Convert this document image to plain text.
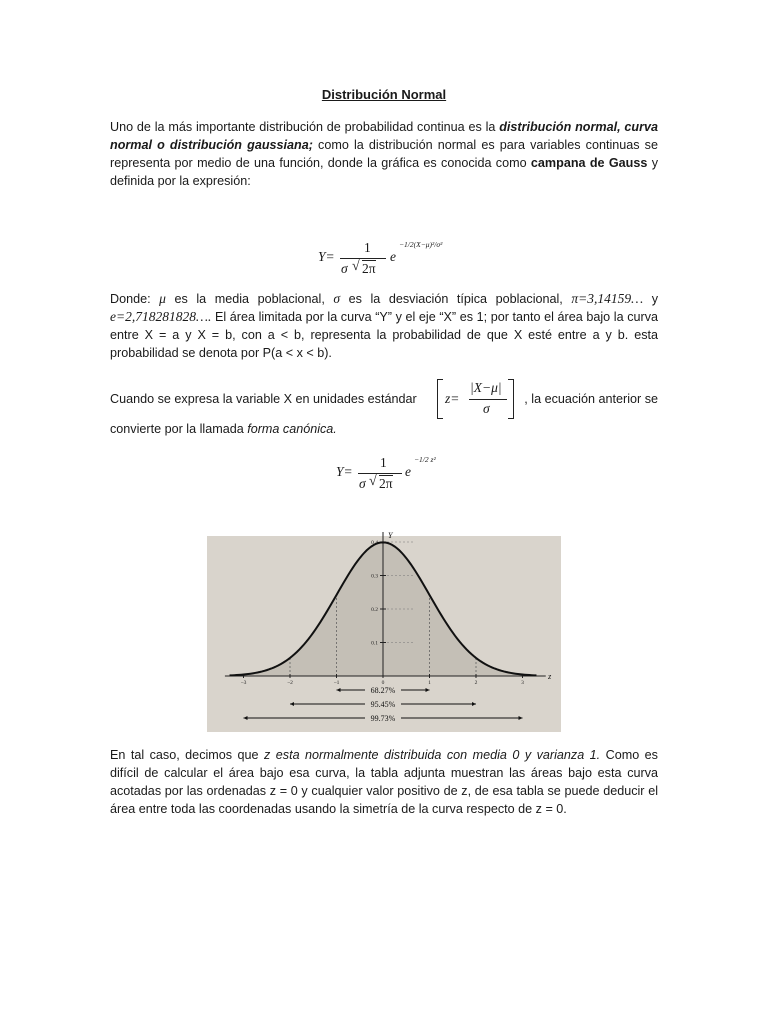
Distribución Normal

Uno de la más importante distribución de probabilidad continua es la distribución normal, curva normal o distribución gaussiana; como la distribución normal es para variables continuas se representa por medio de una función, donde la gráfica es conocida como campana de Gauss y definida por la expresión:

Y=
1
σ √ 2π
e
−1/2(X−μ)²/σ²

Donde: μ es la media poblacional, σ es la desviación típica poblacional, π=3,14159… y e=2,718281828…. El área limitada por la curva “Y” y el eje “X” es 1; por tanto el área bajo la curva entre X = a y X = b, con a < b, representa la probabilidad de que X esté entre a y b. esta probabilidad se denota por P(a < x < b).

Cuando se expresa la variable X en unidades estándar z=
|X−μ|
σ
, la ecuación anterior se

convierte por la llamada forma canónica.

Y=
1
σ √ 2π
e
−1/2 z²
0.1
0.2
0.3
0.4
−3	−2	−1	0	1	2	3
Y
z
68.27%
95.45%
99.73%

En tal caso, decimos que z esta normalmente distribuida con media 0 y varianza 1. Como es difícil de calcular el área bajo esa curva, la tabla adjunta muestran las áreas bajo esta curva acotadas por las ordenadas z = 0 y cualquier valor positivo de z, de esa tabla se puede deducir el área entre toda las coordenadas usando la simetría de la curva respecto de z = 0.
